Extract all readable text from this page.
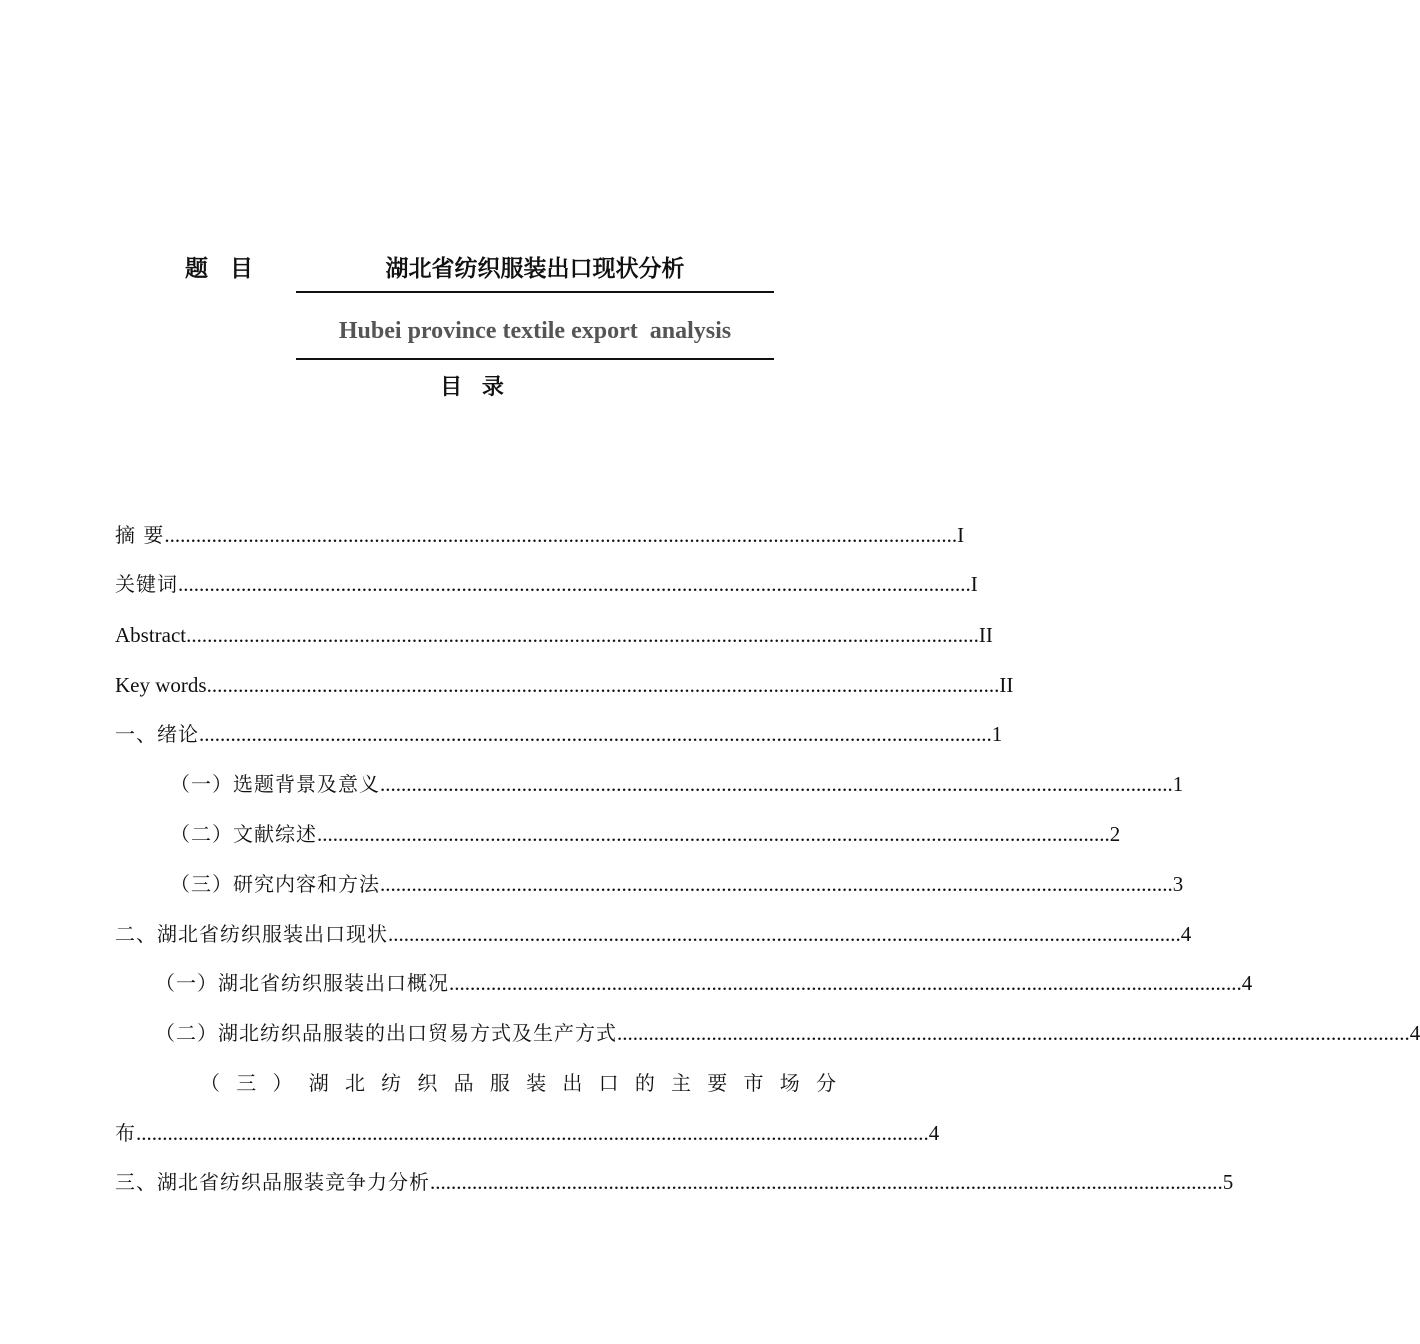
题目	湖北省纺织服装出口现状分析
Hubei province textile export  analysis
目 录
摘 要 ....................................................................................................................................................... I
关键词 ....................................................................................................................................................... I
Abstract ....................................................................................................................................................... II
Key words ....................................................................................................................................................... II
一、绪论 ....................................................................................................................................................... 1
（一）选题背景及意义 ....................................................................................................................................................... 1
（二）文献综述 ....................................................................................................................................................... 2
（三）研究内容和方法 ....................................................................................................................................................... 3
二、湖北省纺织服装出口现状 ....................................................................................................................................................... 4
（一）湖北省纺织服装出口概况 ....................................................................................................................................................... 4
（二）湖北纺织品服装的出口贸易方式及生产方式 ....................................................................................................................................................... 4
（ 三 ） 湖 北 纺 织 品 服 装 出 口 的 主 要 市 场 分
布 ....................................................................................................................................................... 4
三、湖北省纺织品服装竞争力分析 ....................................................................................................................................................... 5
